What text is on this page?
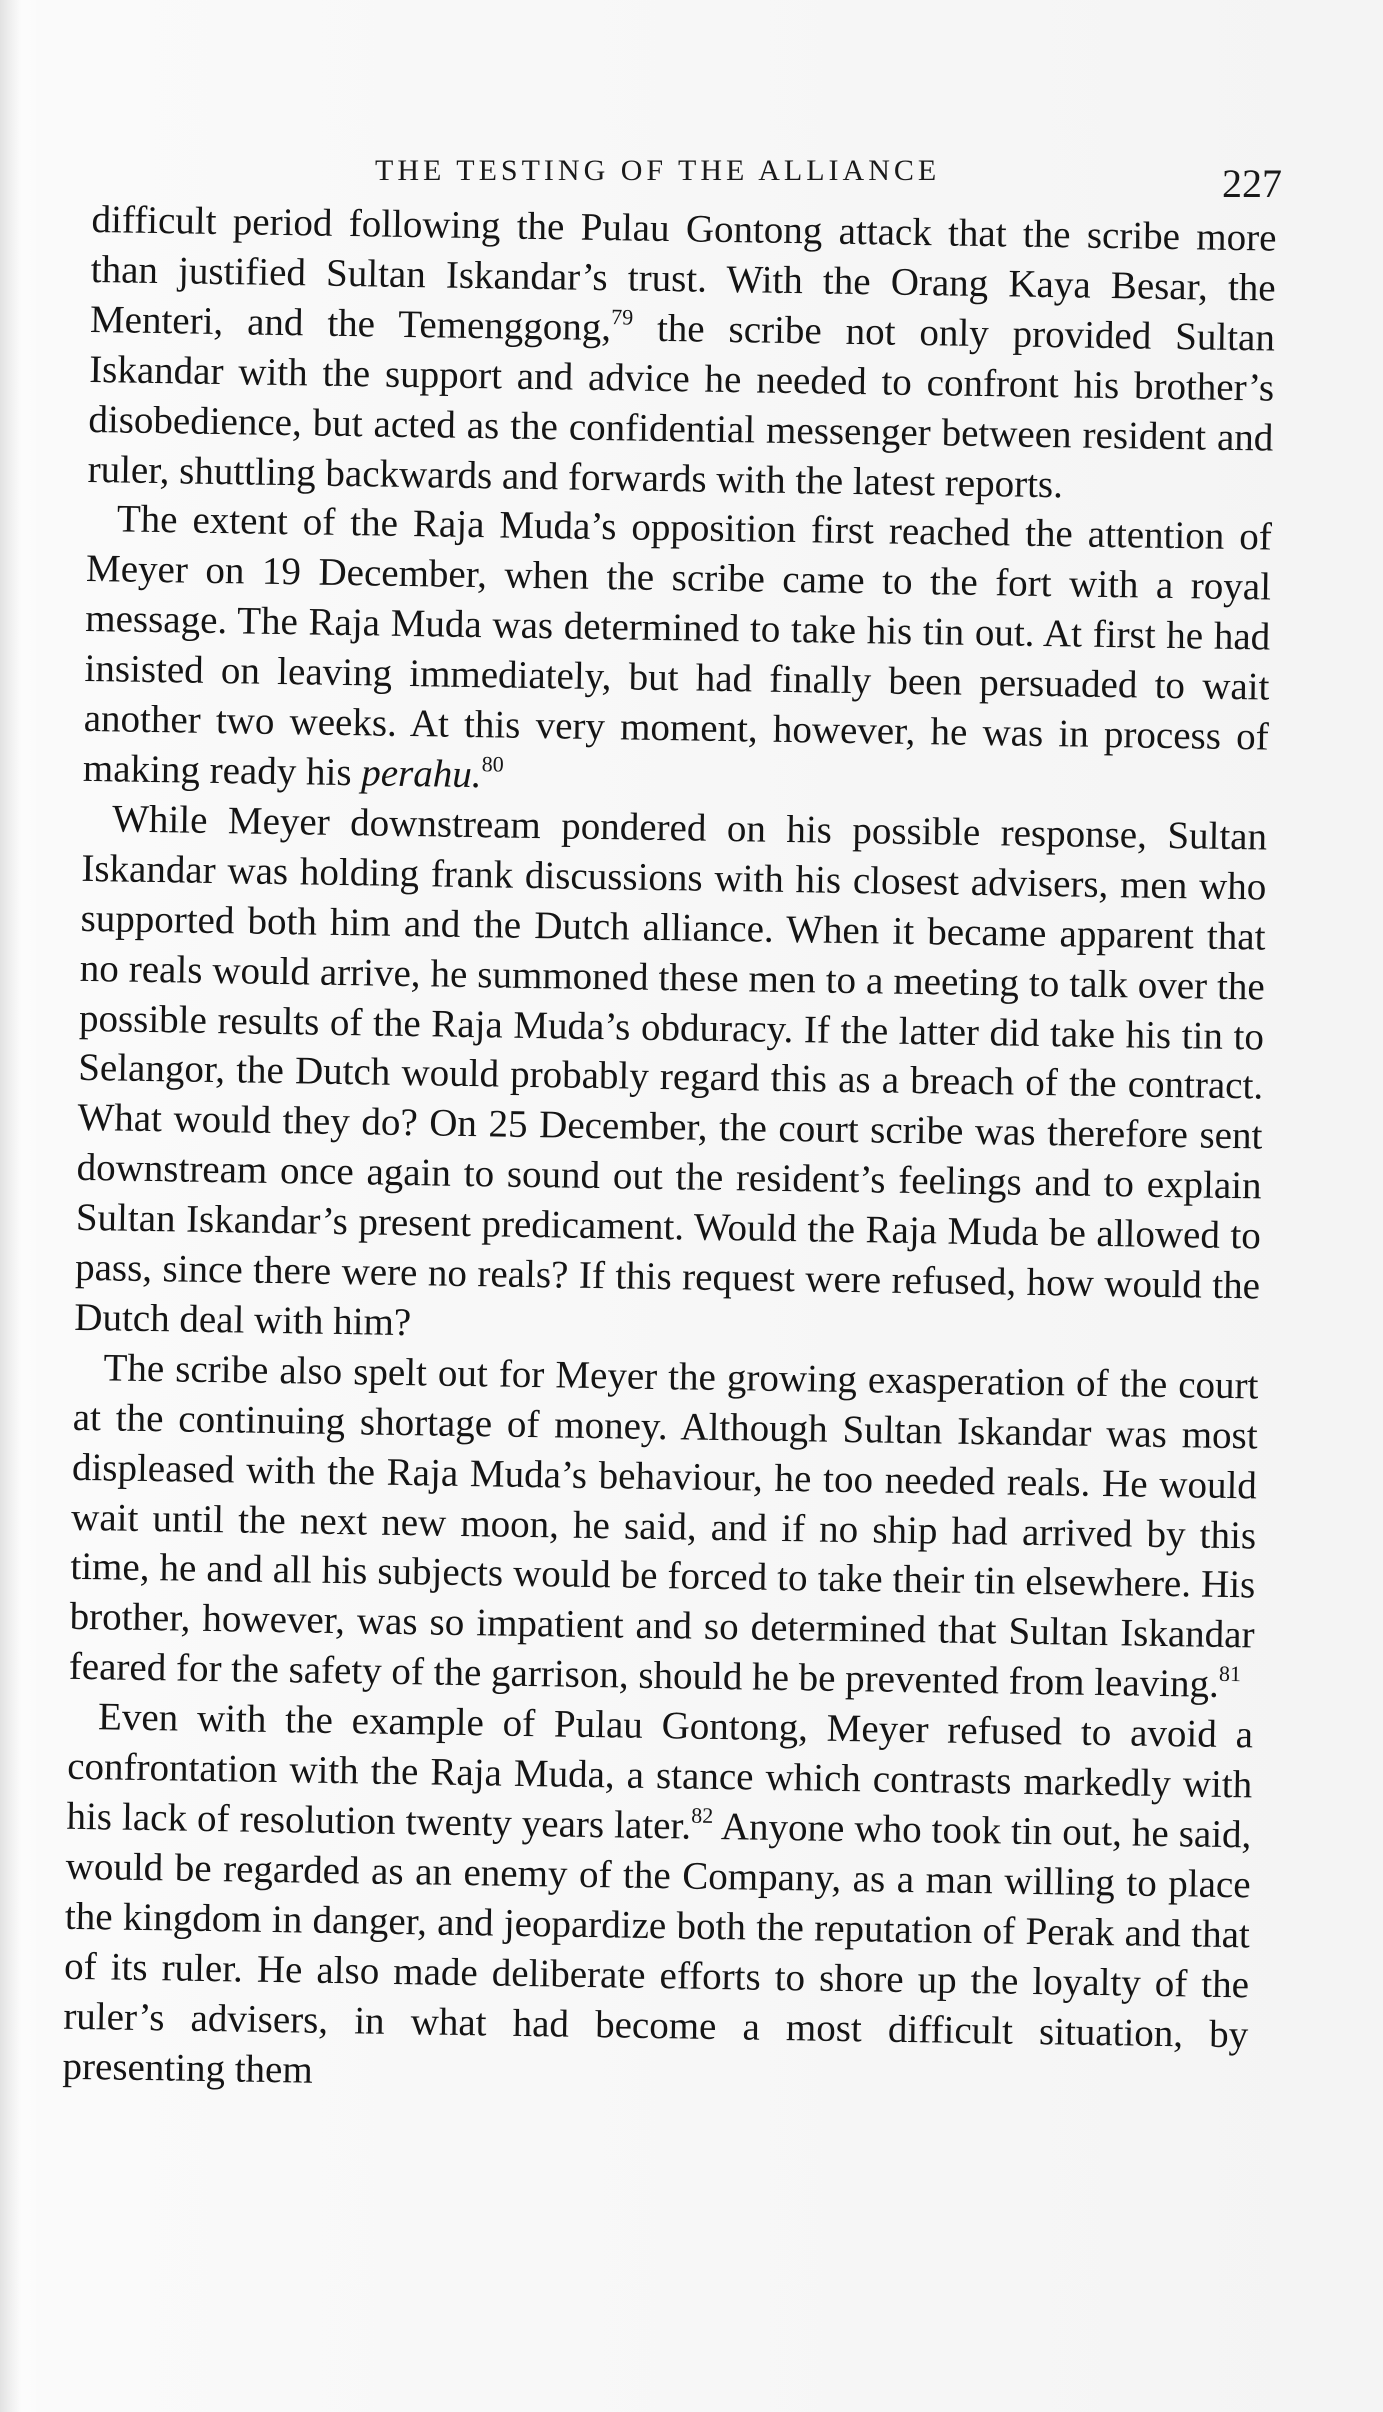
THE TESTING OF THE ALLIANCE	227

difficult period following the Pulau Gontong attack that the scribe more than justified Sultan Iskandar’s trust. With the Orang Kaya Besar, the Menteri, and the Temenggong,$^{79}$ the scribe not only provided Sultan Iskandar with the support and advice he needed to confront his brother’s disobedience, but acted as the confidential messenger between resident and ruler, shuttling backwards and forwards with the latest reports.

The extent of the Raja Muda’s opposition first reached the attention of Meyer on 19 December, when the scribe came to the fort with a royal message. The Raja Muda was determined to take his tin out. At first he had insisted on leaving immediately, but had finally been persuaded to wait another two weeks. At this very moment, however, he was in process of making ready his perahu.$^{80}$

While Meyer downstream pondered on his possible response, Sultan Iskandar was holding frank discussions with his closest advisers, men who supported both him and the Dutch alliance. When it became apparent that no reals would arrive, he summoned these men to a meeting to talk over the possible results of the Raja Muda’s obduracy. If the latter did take his tin to Selangor, the Dutch would probably regard this as a breach of the contract. What would they do? On 25 December, the court scribe was therefore sent downstream once again to sound out the resident’s feelings and to explain Sultan Iskandar’s present predicament. Would the Raja Muda be allowed to pass, since there were no reals? If this request were refused, how would the Dutch deal with him?

The scribe also spelt out for Meyer the growing exasperation of the court at the continuing shortage of money. Although Sultan Iskandar was most displeased with the Raja Muda’s behaviour, he too needed reals. He would wait until the next new moon, he said, and if no ship had arrived by this time, he and all his subjects would be forced to take their tin elsewhere. His brother, however, was so impatient and so determined that Sultan Iskandar feared for the safety of the garrison, should he be prevented from leaving.$^{81}$

Even with the example of Pulau Gontong, Meyer refused to avoid a confrontation with the Raja Muda, a stance which contrasts markedly with his lack of resolution twenty years later.$^{82}$ Anyone who took tin out, he said, would be regarded as an enemy of the Company, as a man willing to place the kingdom in danger, and jeopardize both the reputation of Perak and that of its ruler. He also made deliberate efforts to shore up the loyalty of the ruler’s advisers, in what had become a most difficult situation, by presenting them
